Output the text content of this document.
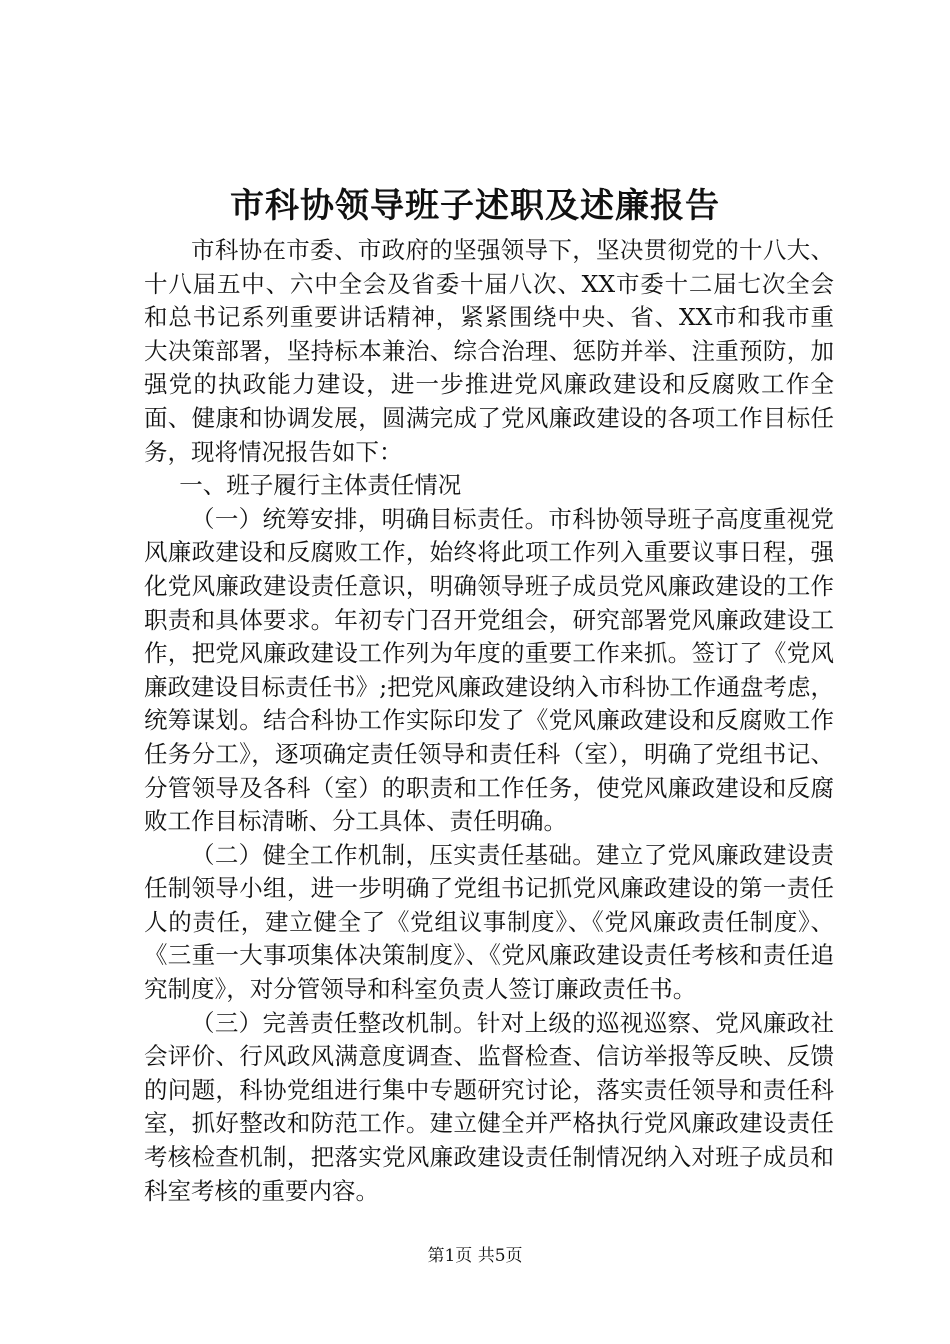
市科协领导班子述职及述廉报告

市科协在市委、市政府的坚强领导下，坚决贯彻党的十八大、十八届五中、六中全会及省委十届八次、XX市委十二届七次全会和总书记系列重要讲话精神，紧紧围绕中央、省、XX市和我市重大决策部署，坚持标本兼治、综合治理、惩防并举、注重预防，加强党的执政能力建设，进一步推进党风廉政建设和反腐败工作全面、健康和协调发展，圆满完成了党风廉政建设的各项工作目标任务，现将情况报告如下：

一、班子履行主体责任情况

（一）统筹安排，明确目标责任。市科协领导班子高度重视党风廉政建设和反腐败工作，始终将此项工作列入重要议事日程，强化党风廉政建设责任意识，明确领导班子成员党风廉政建设的工作职责和具体要求。年初专门召开党组会，研究部署党风廉政建设工作，把党风廉政建设工作列为年度的重要工作来抓。签订了《党风廉政建设目标责任书》;把党风廉政建设纳入市科协工作通盘考虑，统筹谋划。结合科协工作实际印发了《党风廉政建设和反腐败工作任务分工》，逐项确定责任领导和责任科（室），明确了党组书记、分管领导及各科（室）的职责和工作任务，使党风廉政建设和反腐败工作目标清晰、分工具体、责任明确。

（二）健全工作机制，压实责任基础。建立了党风廉政建设责任制领导小组，进一步明确了党组书记抓党风廉政建设的第一责任人的责任，建立健全了《党组议事制度》、《党风廉政责任制度》、《三重一大事项集体决策制度》、《党风廉政建设责任考核和责任追究制度》，对分管领导和科室负责人签订廉政责任书。

（三）完善责任整改机制。针对上级的巡视巡察、党风廉政社会评价、行风政风满意度调查、监督检查、信访举报等反映、反馈的问题，科协党组进行集中专题研究讨论，落实责任领导和责任科室，抓好整改和防范工作。建立健全并严格执行党风廉政建设责任考核检查机制，把落实党风廉政建设责任制情况纳入对班子成员和科室考核的重要内容。

第1页 共5页
